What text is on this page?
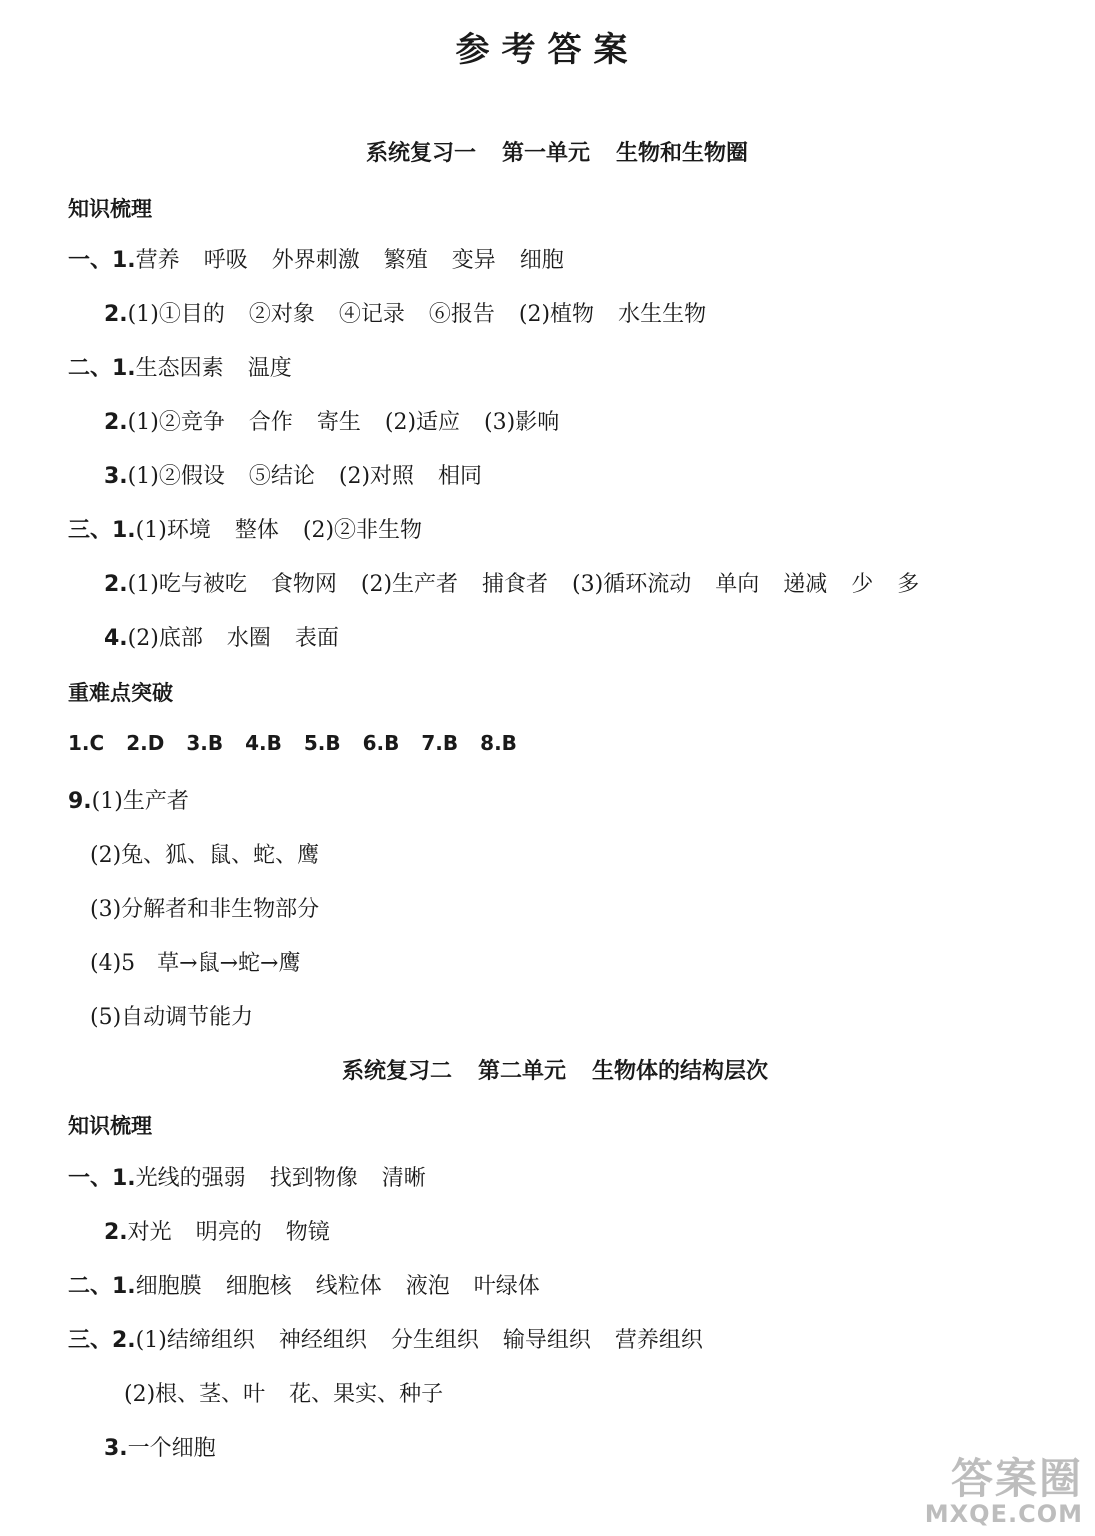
参考答案
系统复习一 第一单元 生物和生物圈
知识梳理
一、1.营养 呼吸 外界刺激 繁殖 变异 细胞
2.(1)①目的 ②对象 ④记录 ⑥报告 (2)植物 水生生物
二、1.生态因素 温度
2.(1)②竞争 合作 寄生 (2)适应 (3)影响
3.(1)②假设 ⑤结论 (2)对照 相同
三、1.(1)环境 整体 (2)②非生物
2.(1)吃与被吃 食物网 (2)生产者 捕食者 (3)循环流动 单向 递减 少 多
4.(2)底部 水圈 表面
重难点突破
1.C 2.D 3.B 4.B 5.B 6.B 7.B 8.B
9.(1)生产者
(2)兔、狐、鼠、蛇、鹰
(3)分解者和非生物部分
(4)5　草→鼠→蛇→鹰
(5)自动调节能力
系统复习二 第二单元 生物体的结构层次
知识梳理
一、1.光线的强弱 找到物像 清晰
2.对光 明亮的 物镜
二、1.细胞膜 细胞核 线粒体 液泡 叶绿体
三、2.(1)结缔组织 神经组织 分生组织 输导组织 营养组织
(2)根、茎、叶 花、果实、种子
3.一个细胞
答案圈
MXQE.COM
